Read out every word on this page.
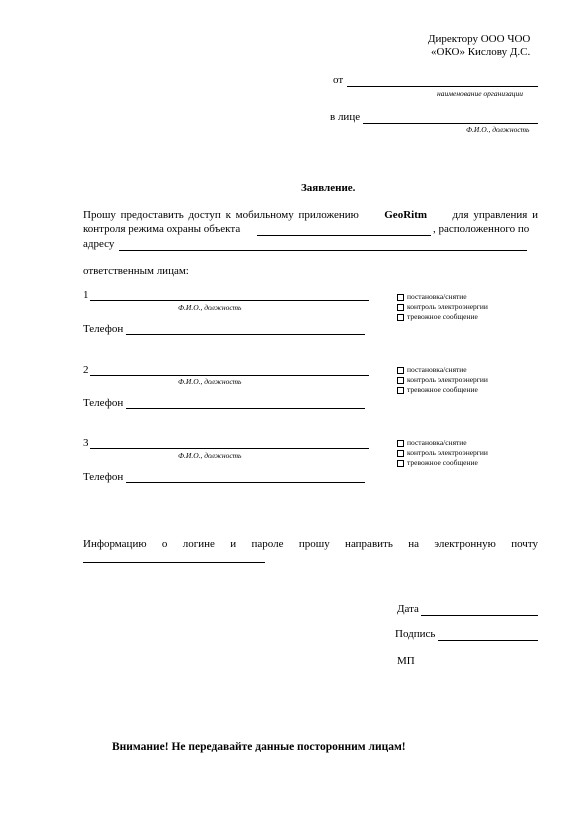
Директору ООО ЧОО
«ОКО» Кислову Д.С.
от
наименование организации
в лице
Ф.И.О., должность
Заявление.
Прошу предоставить доступ к мобильному приложению GeoRitm для управления и
контроля режима охраны объекта	, расположенного по
адресу
ответственным лицам:
1
Ф.И.О., должность
Телефон
постановка/снятие
контроль электроэнергии
тревожное сообщение
2
Ф.И.О., должность
Телефон
постановка/снятие
контроль электроэнергии
тревожное сообщение
3
Ф.И.О., должность
Телефон
постановка/снятие
контроль электроэнергии
тревожное сообщение
Информацию о логине и пароле прошу направить на электронную почту
Дата
Подпись
МП
Внимание! Не передавайте данные посторонним лицам!
